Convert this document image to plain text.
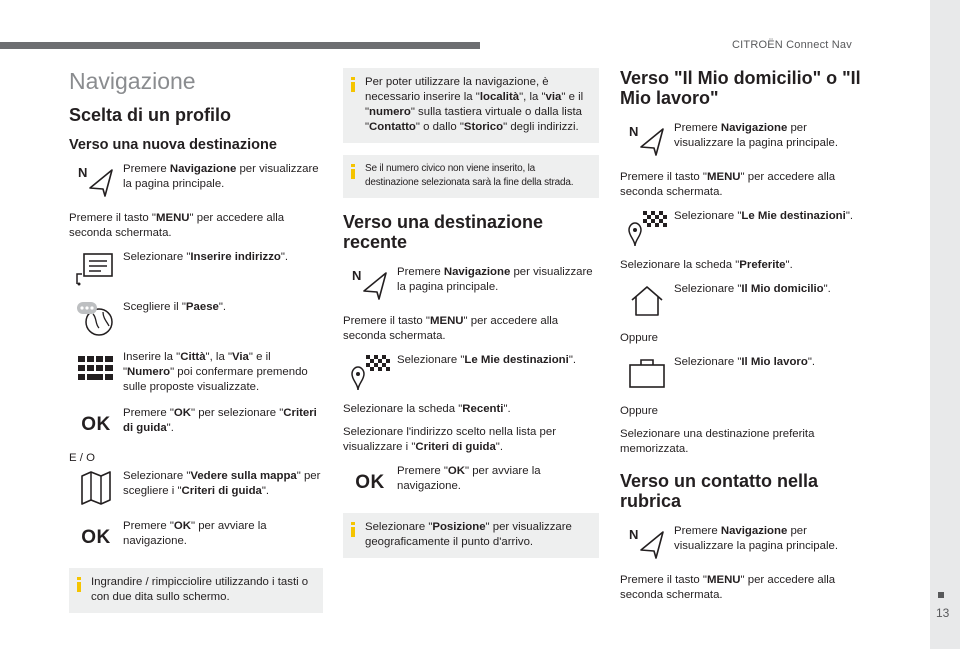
CITROËN Connect Nav
13
Navigazione
Scelta di un profilo
Verso una nuova destinazione
Premere Navigazione per visualizzare la pagina principale.
Premere il tasto "MENU" per accedere alla seconda schermata.
Selezionare "Inserire indirizzo".
Scegliere il "Paese".
Inserire la "Città", la "Via" e il "Numero" poi confermare premendo sulle proposte visualizzate.
OK
Premere "OK" per selezionare "Criteri di guida".
E / O
Selezionare "Vedere sulla mappa" per scegliere i "Criteri di guida".
OK
Premere "OK" per avviare la navigazione.
Ingrandire / rimpicciolire utilizzando i tasti o con due dita sullo schermo.
Per poter utilizzare la navigazione, è necessario inserire la "località", la "via" e il "numero" sulla tastiera virtuale o dalla lista "Contatto" o dallo "Storico" degli indirizzi.
Se il numero civico non viene inserito, la destinazione selezionata sarà la fine della strada.
Verso una destinazione recente
Premere Navigazione per visualizzare la pagina principale.
Premere il tasto "MENU" per accedere alla seconda schermata.
Selezionare "Le Mie destinazioni".
Selezionare la scheda "Recenti".
Selezionare l'indirizzo scelto nella lista per visualizzare i "Criteri di guida".
OK
Premere "OK" per avviare la navigazione.
Selezionare "Posizione" per visualizzare geograficamente il punto d'arrivo.
Verso "Il Mio domicilio" o "Il Mio lavoro"
Premere Navigazione per visualizzare la pagina principale.
Premere il tasto "MENU" per accedere alla seconda schermata.
Selezionare "Le Mie destinazioni".
Selezionare la scheda "Preferite".
Selezionare "Il Mio domicilio".
Oppure
Selezionare "Il Mio lavoro".
Oppure
Selezionare una destinazione preferita memorizzata.
Verso un contatto nella rubrica
Premere Navigazione per visualizzare la pagina principale.
Premere il tasto "MENU" per accedere alla seconda schermata.
